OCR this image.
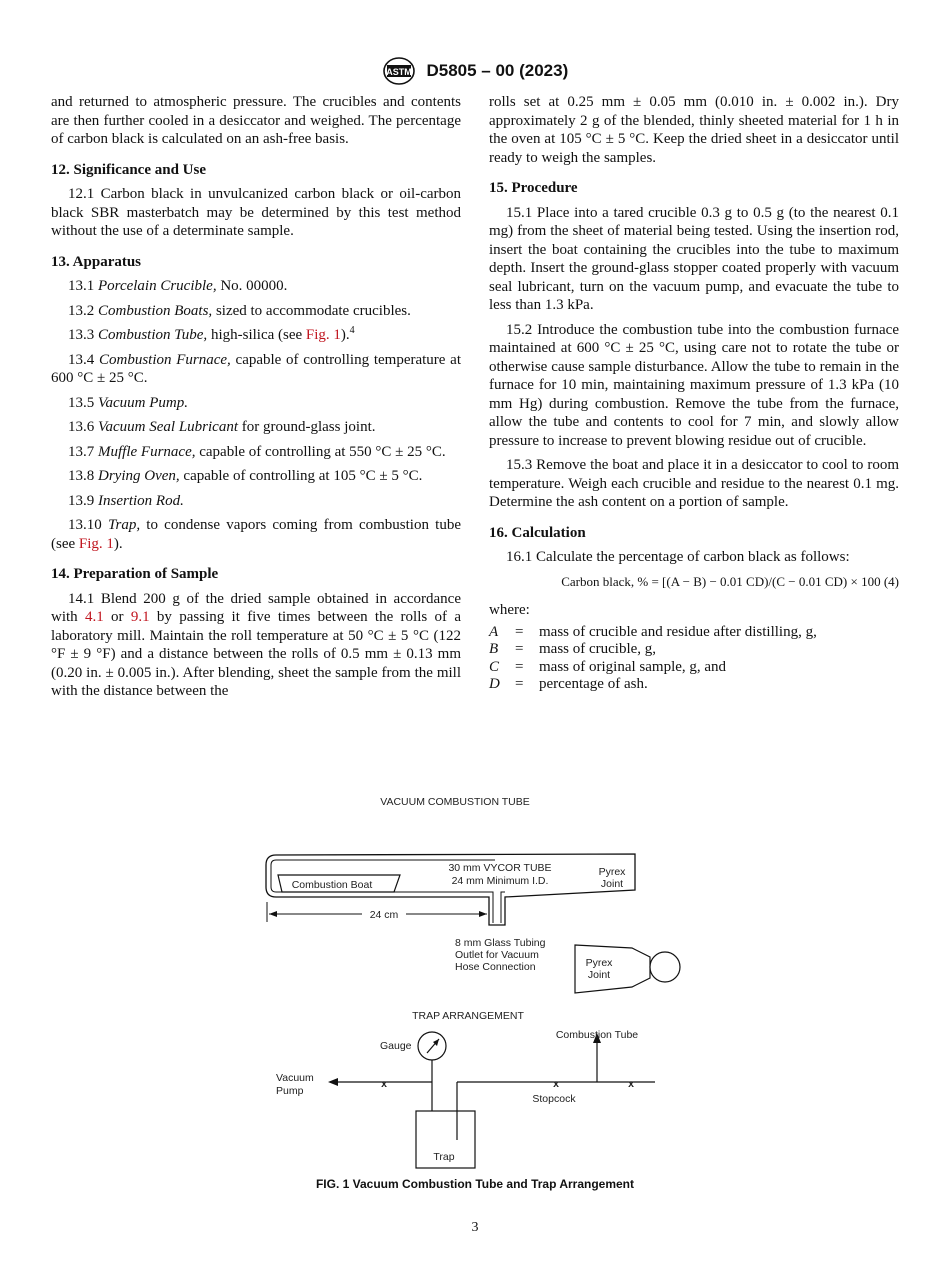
ASTM D5805 – 00 (2023)

and returned to atmospheric pressure. The crucibles and contents are then further cooled in a desiccator and weighed. The percentage of carbon black is calculated on an ash-free basis.

12. Significance and Use

12.1 Carbon black in unvulcanized carbon black or oil-carbon black SBR masterbatch may be determined by this test method without the use of a determinate sample.

13. Apparatus

13.1 Porcelain Crucible, No. 00000.

13.2 Combustion Boats, sized to accommodate crucibles.

13.3 Combustion Tube, high-silica (see Fig. 1).$^4$

13.4 Combustion Furnace, capable of controlling temperature at 600 °C ± 25 °C.

13.5 Vacuum Pump.

13.6 Vacuum Seal Lubricant for ground-glass joint.

13.7 Muffle Furnace, capable of controlling at 550 °C ± 25 °C.

13.8 Drying Oven, capable of controlling at 105 °C ± 5 °C.

13.9 Insertion Rod.

13.10 Trap, to condense vapors coming from combustion tube (see Fig. 1).

14. Preparation of Sample

14.1 Blend 200 g of the dried sample obtained in accordance with 4.1 or 9.1 by passing it five times between the rolls of a laboratory mill. Maintain the roll temperature at 50 °C ± 5 °C (122 °F ± 9 °F) and a distance between the rolls of 0.5 mm ± 0.13 mm (0.20 in. ± 0.005 in.). After blending, sheet the sample from the mill with the distance between the

rolls set at 0.25 mm ± 0.05 mm (0.010 in. ± 0.002 in.). Dry approximately 2 g of the blended, thinly sheeted material for 1 h in the oven at 105 °C ± 5 °C. Keep the dried sheet in a desiccator until ready to weigh the samples.

15. Procedure

15.1 Place into a tared crucible 0.3 g to 0.5 g (to the nearest 0.1 mg) from the sheet of material being tested. Using the insertion rod, insert the boat containing the crucibles into the tube to maximum depth. Insert the ground-glass stopper coated properly with vacuum seal lubricant, turn on the vacuum pump, and evacuate the tube to less than 1.3 kPa.

15.2 Introduce the combustion tube into the combustion furnace maintained at 600 °C ± 25 °C, using care not to rotate the tube or otherwise cause sample disturbance. Allow the tube to remain in the furnace for 10 min, maintaining maximum pressure of 1.3 kPa (10 mm Hg) during combustion. Remove the tube from the furnace, allow the tube and contents to cool for 7 min, and slowly allow pressure to increase to prevent blowing residue out of crucible.

15.3 Remove the boat and place it in a desiccator to cool to room temperature. Weigh each crucible and residue to the nearest 0.1 mg. Determine the ash content on a portion of sample.

16. Calculation

16.1 Calculate the percentage of carbon black as follows:

Carbon black, % = [(A − B) − 0.01 CD)/(C − 0.01 CD) × 100 (4)
where:
A	=	mass of crucible and residue after distilling, g,
B	=	mass of crucible, g,
C	=	mass of original sample, g, and
D	=	percentage of ash.
VACUUM COMBUSTION TUBE
Combustion Boat
30 mm VYCOR TUBE
24 mm Minimum I.D.
Pyrex
Joint
24 cm
8 mm Glass Tubing
Outlet for Vacuum
Hose Connection	Pyrex
Joint
TRAP ARRANGEMENT
Gauge
Vacuum
Pump
x
Trap
x	x
Stopcock
Combustion Tube
FIG. 1 Vacuum Combustion Tube and Trap Arrangement
3
